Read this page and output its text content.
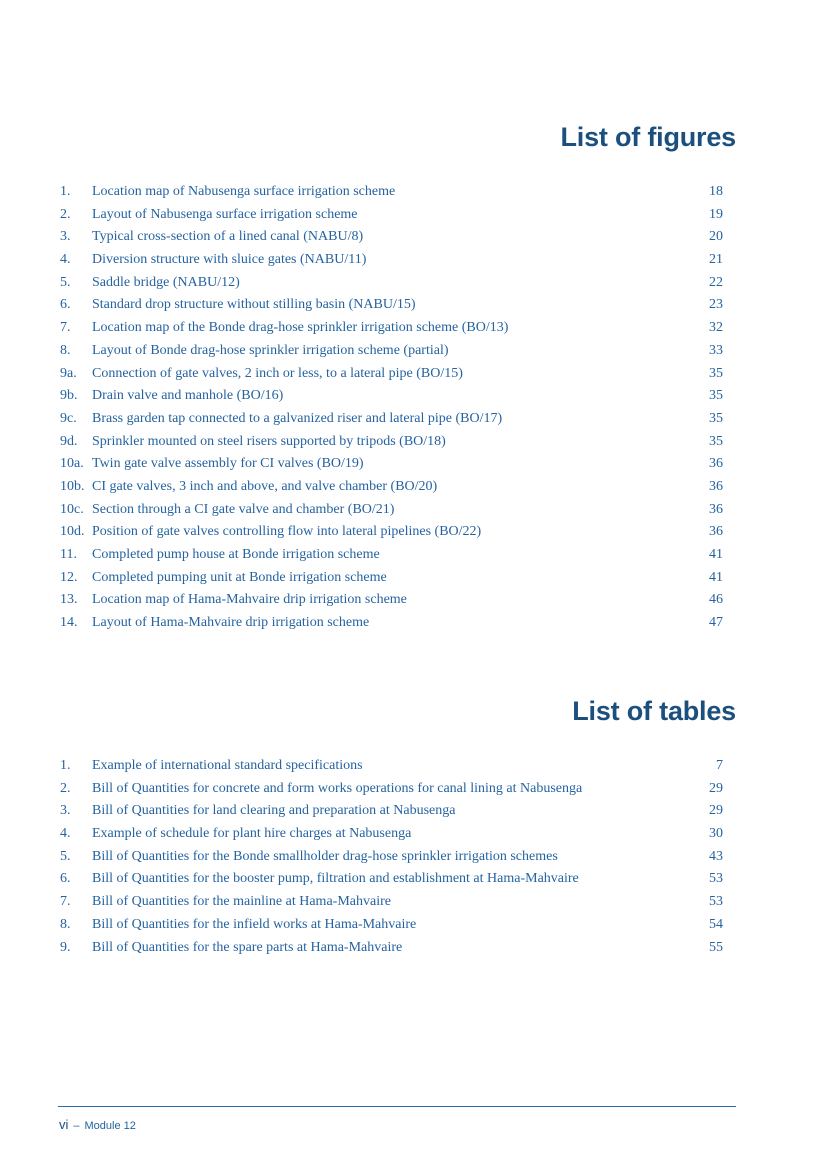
List of figures
1.	Location map of Nabusenga surface irrigation scheme	18
2.	Layout of Nabusenga surface irrigation scheme	19
3.	Typical cross-section of a lined canal (NABU/8)	20
4.	Diversion structure with sluice gates (NABU/11)	21
5.	Saddle bridge (NABU/12)	22
6.	Standard drop structure without stilling basin (NABU/15)	23
7.	Location map of the Bonde drag-hose sprinkler irrigation scheme (BO/13)	32
8.	Layout of Bonde drag-hose sprinkler irrigation scheme (partial)	33
9a.	Connection of gate valves, 2 inch or less, to a lateral pipe (BO/15)	35
9b.	Drain valve and manhole (BO/16)	35
9c.	Brass garden tap connected to a galvanized riser and lateral pipe (BO/17)	35
9d.	Sprinkler mounted on steel risers supported by tripods (BO/18)	35
10a. Twin gate valve assembly for CI valves (BO/19)	36
10b. CI gate valves, 3 inch and above, and valve chamber (BO/20)	36
10c. Section through a CI gate valve and chamber (BO/21)	36
10d. Position of gate valves controlling flow into lateral pipelines (BO/22)	36
11.	Completed pump house at Bonde irrigation scheme	41
12.	Completed pumping unit at Bonde irrigation scheme	41
13.	Location map of Hama-Mahvaire drip irrigation scheme	46
14.	Layout of Hama-Mahvaire drip irrigation scheme	47
List of tables
1.	Example of international standard specifications	7
2.	Bill of Quantities for concrete and form works operations for canal lining at Nabusenga	29
3.	Bill of Quantities for land clearing and preparation at Nabusenga	29
4.	Example of schedule for plant hire charges at Nabusenga	30
5.	Bill of Quantities for the Bonde smallholder drag-hose sprinkler irrigation schemes	43
6.	Bill of Quantities for the booster pump, filtration and establishment at Hama-Mahvaire	53
7.	Bill of Quantities for the mainline at Hama-Mahvaire	53
8.	Bill of Quantities for the infield works at Hama-Mahvaire	54
9.	Bill of Quantities for the spare parts at Hama-Mahvaire	55
vi – Module 12
